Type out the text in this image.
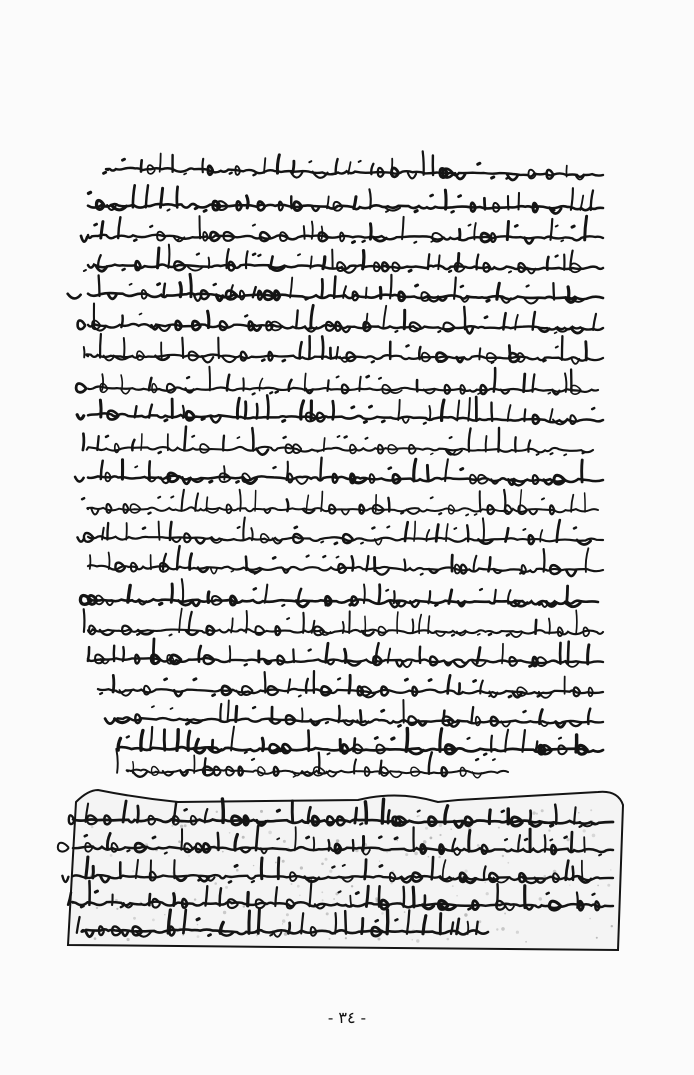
- ٣٤ -
